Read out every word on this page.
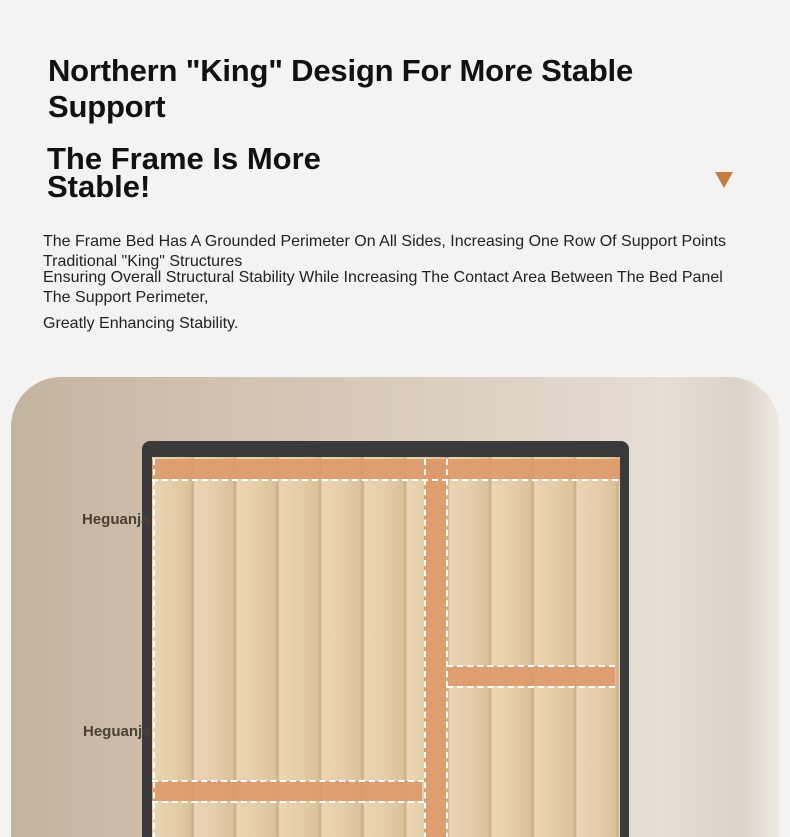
Northern "King" Design For More Stable Support
The Frame Is More Stable!

The Frame Bed Has A Grounded Perimeter On All Sides, Increasing One Row Of Support Points

Traditional "King" Structures

Ensuring Overall Structural Stability While Increasing The Contact Area Between The Bed Panel

The Support Perimeter,

Greatly Enhancing Stability.

Heguanja
Heguanja
